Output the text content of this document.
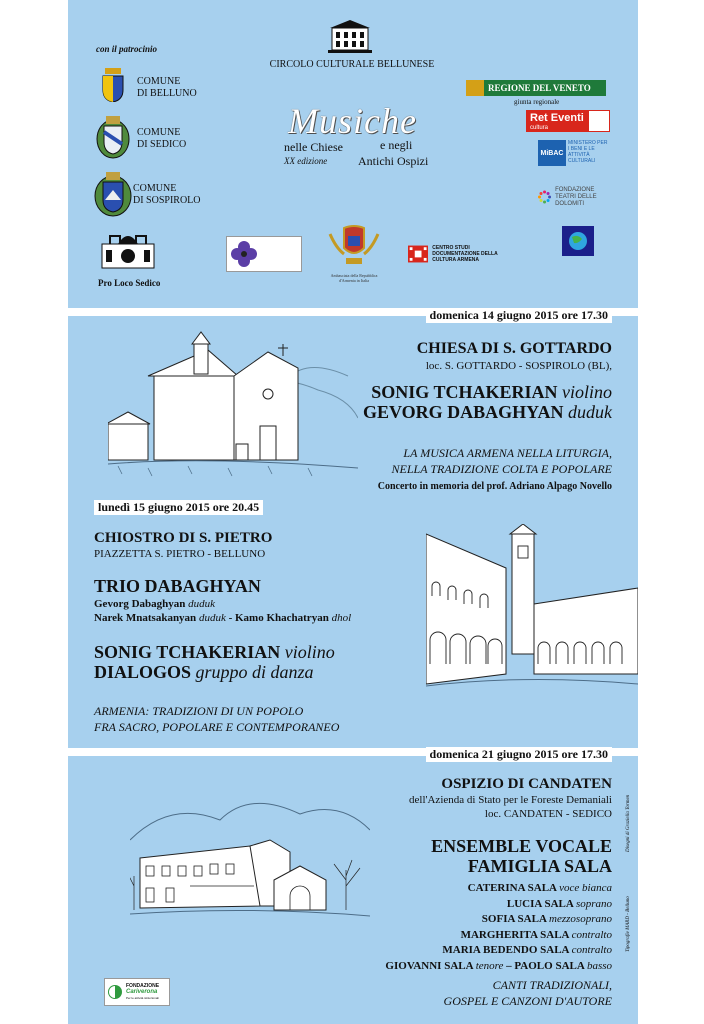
con il patrocinio
CIRCOLO CULTURALE BELLUNESE
COMUNE
DI BELLUNO
COMUNE
DI SEDICO
COMUNE
DI SOSPIROLO
Pro Loco Sedico
Musiche
nelle Chiese	e negli
XX edizione	Antichi Ospizi
REGIONE DEL VENETO
giunta regionale
Ret Eventi
cultura
MiBAC
MINISTERO PER I BENI E LE ATTIVITÀ CULTURALI
FONDAZIONE TEATRI DELLE DOLOMITI
Ambasciata della Repubblica d'Armenia in Italia
CENTRO STUDI DOCUMENTAZIONE DELLA CULTURA ARMENA
domenica 14 giugno 2015 ore 17.30
CHIESA DI S. GOTTARDO
loc. S. GOTTARDO - SOSPIROLO (BL),
SONIG TCHAKERIAN violino
GEVORG DABAGHYAN duduk
LA MUSICA ARMENA NELLA LITURGIA,
NELLA TRADIZIONE COLTA E POPOLARE
Concerto in memoria del prof. Adriano Alpago Novello
lunedì 15 giugno 2015 ore 20.45
CHIOSTRO DI S. PIETRO
PIAZZETTA S. PIETRO - BELLUNO
TRIO DABAGHYAN
Gevorg Dabaghyan duduk
Narek Mnatsakanyan duduk - Kamo Khachatryan dhol
SONIG TCHAKERIAN violino
DIALOGOS gruppo di danza
ARMENIA: TRADIZIONI DI UN POPOLO
FRA SACRO, POPOLARE E CONTEMPORANEO
domenica 21 giugno 2015 ore 17.30
OSPIZIO DI CANDATEN
dell'Azienda di Stato per le Foreste Demaniali
loc. CANDATEN - SEDICO
ENSEMBLE VOCALE
FAMIGLIA SALA
CATERINA SALA voce bianca
LUCIA SALA soprano
SOFIA SALA mezzosoprano
MARGHERITA SALA contralto
MARIA BEDENDO SALA contralto
GIOVANNI SALA tenore – PAOLO SALA basso
CANTI TRADIZIONALI,
GOSPEL E CANZONI D'AUTORE
Disegni di Graziella Tormen
Tipografie MARD - Belluno
FONDAZIONE
Cariverona
Per le attività istituzionali
